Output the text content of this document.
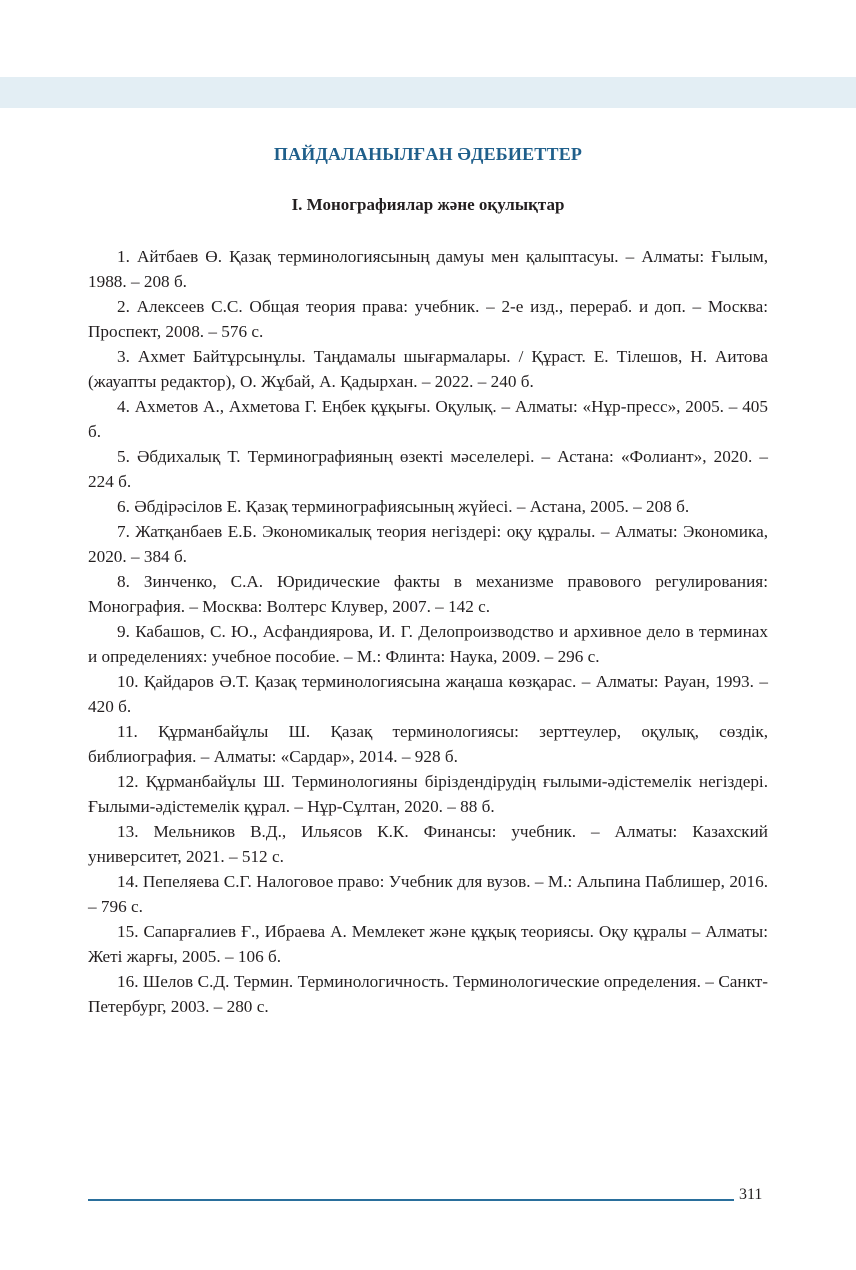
ПАЙДАЛАНЫЛҒАН ӘДЕБИЕТТЕР
I. Монографиялар және оқулықтар
1. Айтбаев Ө. Қазақ терминологиясының дамуы мен қалыптасуы. – Алматы: Ғылым, 1988. – 208 б.
2. Алексеев С.С. Общая теория права: учебник. – 2-е изд., перераб. и доп. – Москва: Проспект, 2008. – 576 с.
3. Ахмет Байтұрсынұлы. Таңдамалы шығармалары. / Құраст. Е. Тілешов, Н. Аитова (жауапты редактор), О. Жұбай, А. Қадырхан. – 2022. – 240 б.
4. Ахметов А., Ахметова Г. Еңбек құқығы. Оқулық. – Алматы: «Нұр-пресс», 2005. – 405 б.
5. Әбдихалық Т. Терминографияның өзекті мәселелері. – Астана: «Фолиант», 2020. – 224 б.
6. Әбдірәсілов Е. Қазақ терминографиясының жүйесі. – Астана, 2005. – 208 б.
7. Жатқанбаев Е.Б. Экономикалық теория негіздері: оқу құралы. – Алматы: Экономика, 2020. – 384 б.
8. Зинченко, С.А. Юридические факты в механизме правового регулирования: Монография. – Москва: Волтерс Клувер, 2007. – 142 с.
9. Кабашов, С. Ю., Асфандиярова, И. Г. Делопроизводство и архивное дело в терминах и определениях: учебное пособие. – М.: Флинта: Наука, 2009. – 296 с.
10. Қайдаров Ә.Т. Қазақ терминологиясына жаңаша көзқарас. – Алматы: Рауан, 1993. – 420 б.
11. Құрманбайұлы Ш. Қазақ терминологиясы: зерттеулер, оқулық, сөздік, библиография. – Алматы: «Сардар», 2014. – 928 б.
12. Құрманбайұлы Ш. Терминологияны біріздендірудің ғылыми-әдістемелік негіздері. Ғылыми-әдістемелік құрал. – Нұр-Сұлтан, 2020. – 88 б.
13. Мельников В.Д., Ильясов К.К. Финансы: учебник. – Алматы: Казахский университет, 2021. – 512 с.
14. Пепеляева С.Г. Налоговое право: Учебник для вузов. – М.: Альпина Паблишер, 2016. – 796 с.
15. Сапарғалиев Ғ., Ибраева А. Мемлекет және құқық теориясы. Оқу құралы – Алматы: Жеті жарғы, 2005. – 106 б.
16. Шелов С.Д. Термин. Терминологичность. Терминологические определения. – Санкт-Петербург, 2003. – 280 с.
311
